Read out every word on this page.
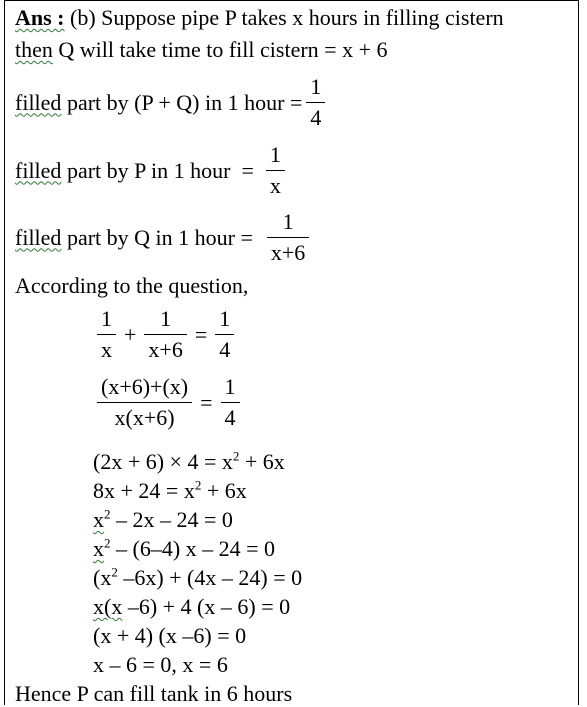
Ans : (b) Suppose pipe P takes x hours in filling cistern
then Q will take time to fill cistern = x + 6
filled part by (P + Q) in 1 hour = $\frac{1}{4}$
filled part by P in 1 hour  = $\frac{1}{x}$
filled part by Q in 1 hour = $\frac{1}{x+6}$
According to the question,
$\frac{1}{x} + \frac{1}{x+6} = \frac{1}{4}$
$\frac{(x+6)+(x)}{x(x+6)} = \frac{1}{4}$
$(2x + 6) \times 4 = x^2 + 6x$
$8x + 24 = x^2 + 6x$
$x^2 - 2x - 24 = 0$
$x^2 - (6-4)$ x – 24 = 0
($x^2$ –6x) + (4x – 24) = 0
x(x –6) + 4 (x – 6) = 0
(x + 4) (x –6) = 0
x – 6 = 0, x = 6
Hence P can fill tank in 6 hours
